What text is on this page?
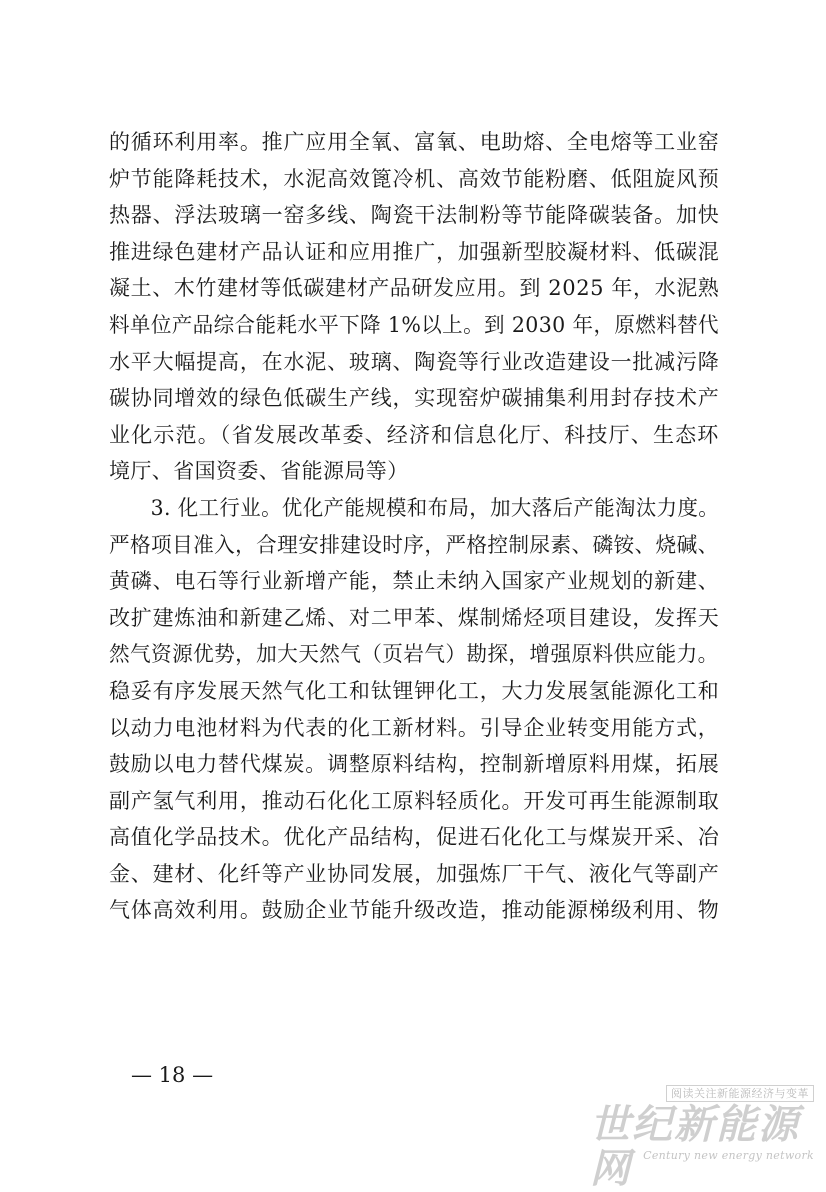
的循环利用率。推广应用全氧、富氧、电助熔、全电熔等工业窑
炉节能降耗技术，水泥高效篦冷机、高效节能粉磨、低阻旋风预
热器、浮法玻璃一窑多线、陶瓷干法制粉等节能降碳装备。加快
推进绿色建材产品认证和应用推广，加强新型胶凝材料、低碳混
凝土、木竹建材等低碳建材产品研发应用。到 2025 年，水泥熟
料单位产品综合能耗水平下降 1%以上。到 2030 年，原燃料替代
水平大幅提高，在水泥、玻璃、陶瓷等行业改造建设一批减污降
碳协同增效的绿色低碳生产线，实现窑炉碳捕集利用封存技术产
业化示范。（省发展改革委、经济和信息化厅、科技厅、生态环
境厅、省国资委、省能源局等）
　　3. 化工行业。优化产能规模和布局，加大落后产能淘汰力度。
严格项目准入，合理安排建设时序，严格控制尿素、磷铵、烧碱、
黄磷、电石等行业新增产能，禁止未纳入国家产业规划的新建、
改扩建炼油和新建乙烯、对二甲苯、煤制烯烃项目建设，发挥天
然气资源优势，加大天然气（页岩气）勘探，增强原料供应能力。
稳妥有序发展天然气化工和钛锂钾化工，大力发展氢能源化工和
以动力电池材料为代表的化工新材料。引导企业转变用能方式，
鼓励以电力替代煤炭。调整原料结构，控制新增原料用煤，拓展
副产氢气利用，推动石化化工原料轻质化。开发可再生能源制取
高值化学品技术。优化产品结构，促进石化化工与煤炭开采、冶
金、建材、化纤等产业协同发展，加强炼厂干气、液化气等副产
气体高效利用。鼓励企业节能升级改造，推动能源梯级利用、物
— 18 —
阅读关注新能源经济与变革
世纪新能源网	Century new energy network
